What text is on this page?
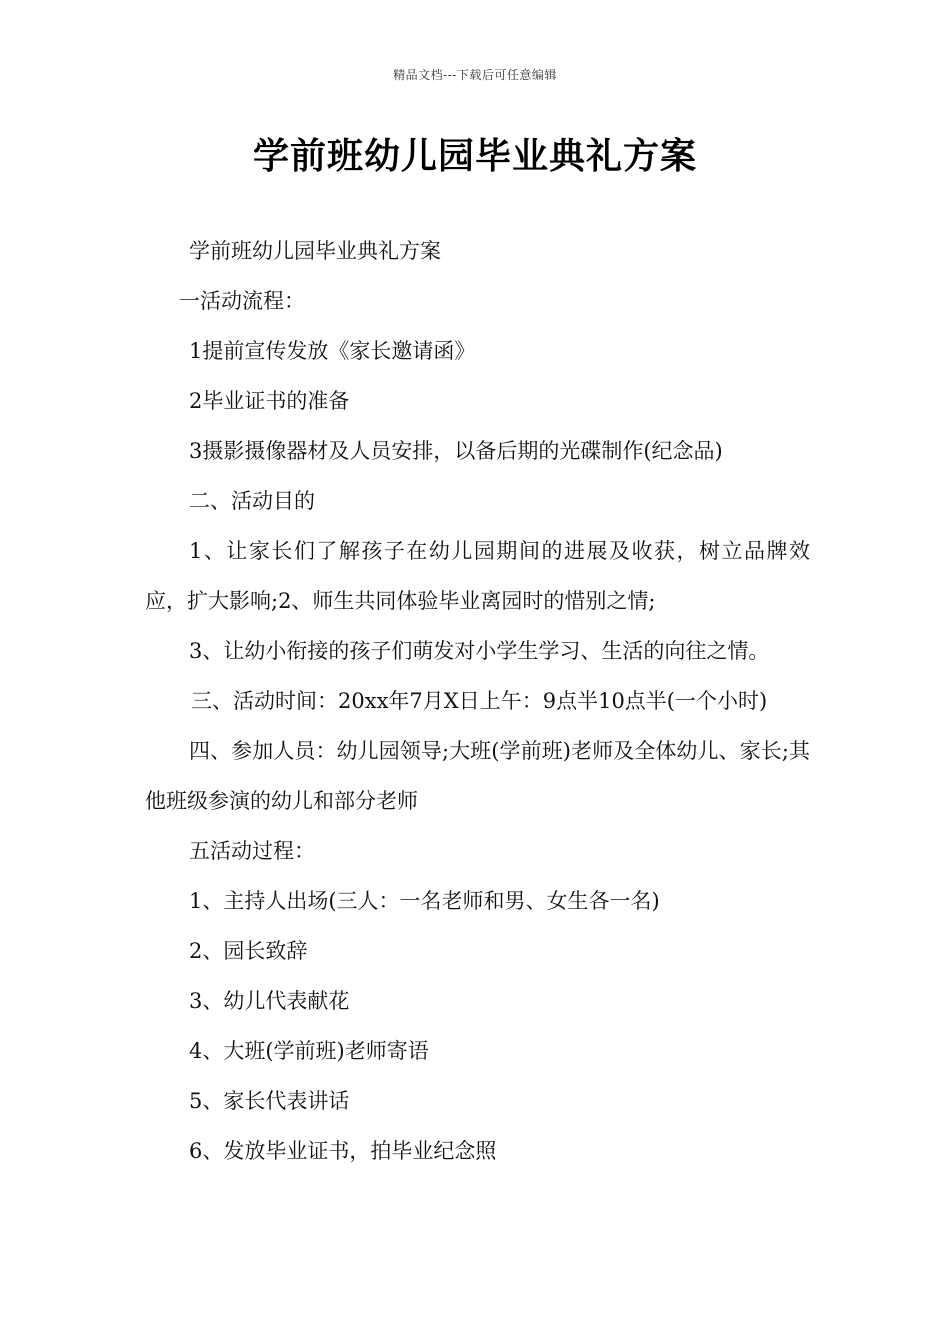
精品文档---下载后可任意编辑
学前班幼儿园毕业典礼方案

学前班幼儿园毕业典礼方案

一活动流程：

1提前宣传发放《家长邀请函》

2毕业证书的准备

3摄影摄像器材及人员安排，以备后期的光碟制作(纪念品)

二、活动目的

1、让家长们了解孩子在幼儿园期间的进展及收获，树立品牌效应，扩大影响;2、师生共同体验毕业离园时的惜别之情;

3、让幼小衔接的孩子们萌发对小学生学习、生活的向往之情。

三、活动时间：20xx年7月X日上午：9点半10点半(一个小时)

四、参加人员：幼儿园领导;大班(学前班)老师及全体幼儿、家长;其他班级参演的幼儿和部分老师

五活动过程：

1、主持人出场(三人：一名老师和男、女生各一名)

2、园长致辞

3、幼儿代表献花

4、大班(学前班)老师寄语

5、家长代表讲话

6、发放毕业证书，拍毕业纪念照
